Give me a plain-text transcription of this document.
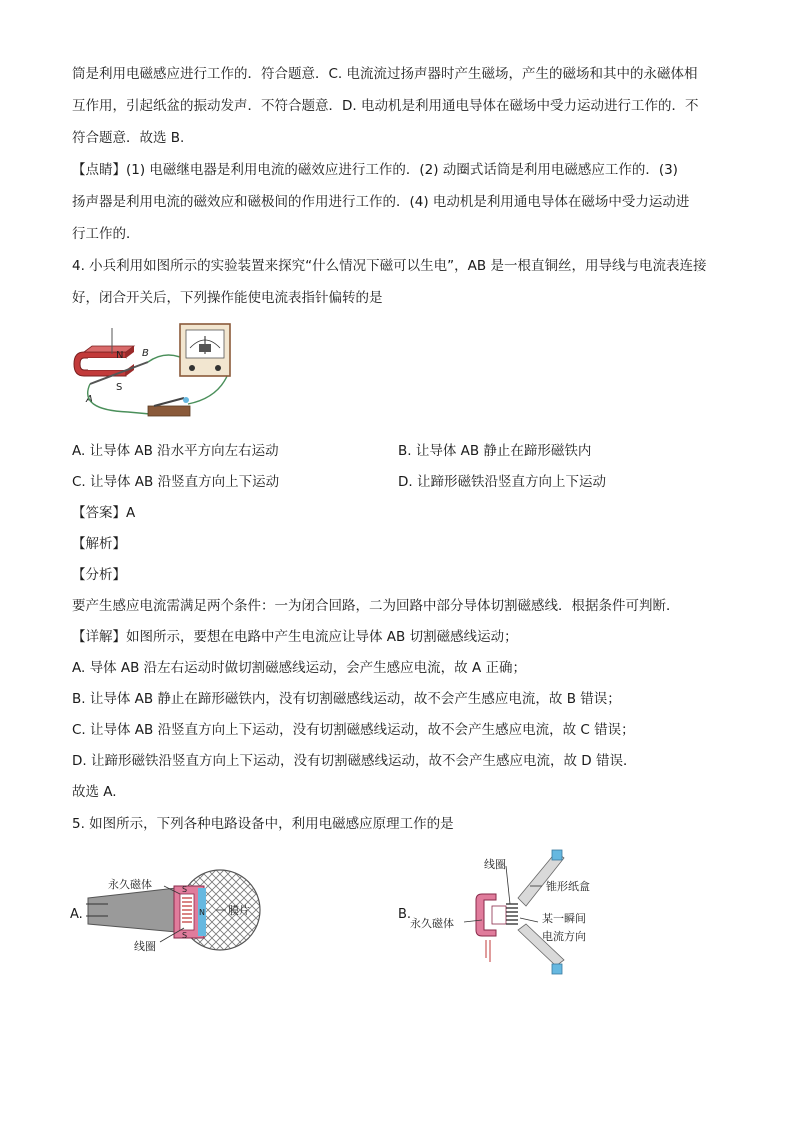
筒是利用电磁感应进行工作的．符合题意．C. 电流流过扬声器时产生磁场，产生的磁场和其中的永磁体相
互作用，引起纸盆的振动发声．不符合题意．D. 电动机是利用通电导体在磁场中受力运动进行工作的．不
符合题意．故选 B.
【点睛】(1) 电磁继电器是利用电流的磁效应进行工作的．(2) 动圈式话筒是利用电磁感应工作的．(3)
扬声器是利用电流的磁效应和磁极间的作用进行工作的．(4) 电动机是利用通电导体在磁场中受力运动进
行工作的．
4. 小兵利用如图所示的实验装置来探究“什么情况下磁可以生电”，AB 是一根直铜丝，用导线与电流表连接
好，闭合开关后，下列操作能使电流表指针偏转的是
N
S
A
B
A. 让导体 AB 沿水平方向左右运动	B. 让导体 AB 静止在蹄形磁铁内
C. 让导体 AB 沿竖直方向上下运动	D. 让蹄形磁铁沿竖直方向上下运动
【答案】A
【解析】
【分析】
要产生感应电流需满足两个条件：一为闭合回路，二为回路中部分导体切割磁感线．根据条件可判断．
【详解】如图所示，要想在电路中产生电流应让导体 AB 切割磁感线运动；
A. 导体 AB 沿左右运动时做切割磁感线运动，会产生感应电流，故 A 正确；
B. 让导体 AB 静止在蹄形磁铁内，没有切割磁感线运动，故不会产生感应电流，故 B 错误；
C. 让导体 AB 沿竖直方向上下运动，没有切割磁感线运动，故不会产生感应电流，故 C 错误；
D. 让蹄形磁铁沿竖直方向上下运动，没有切割磁感线运动，故不会产生感应电流，故 D 错误．
故选 A.
5. 如图所示，下列各种电路设备中，利用电磁感应原理工作的是
A.
S
N
S
永久磁体
膜片
线圈
B.
线圈
锥形纸盒
永久磁体	某一瞬间
电流方向
